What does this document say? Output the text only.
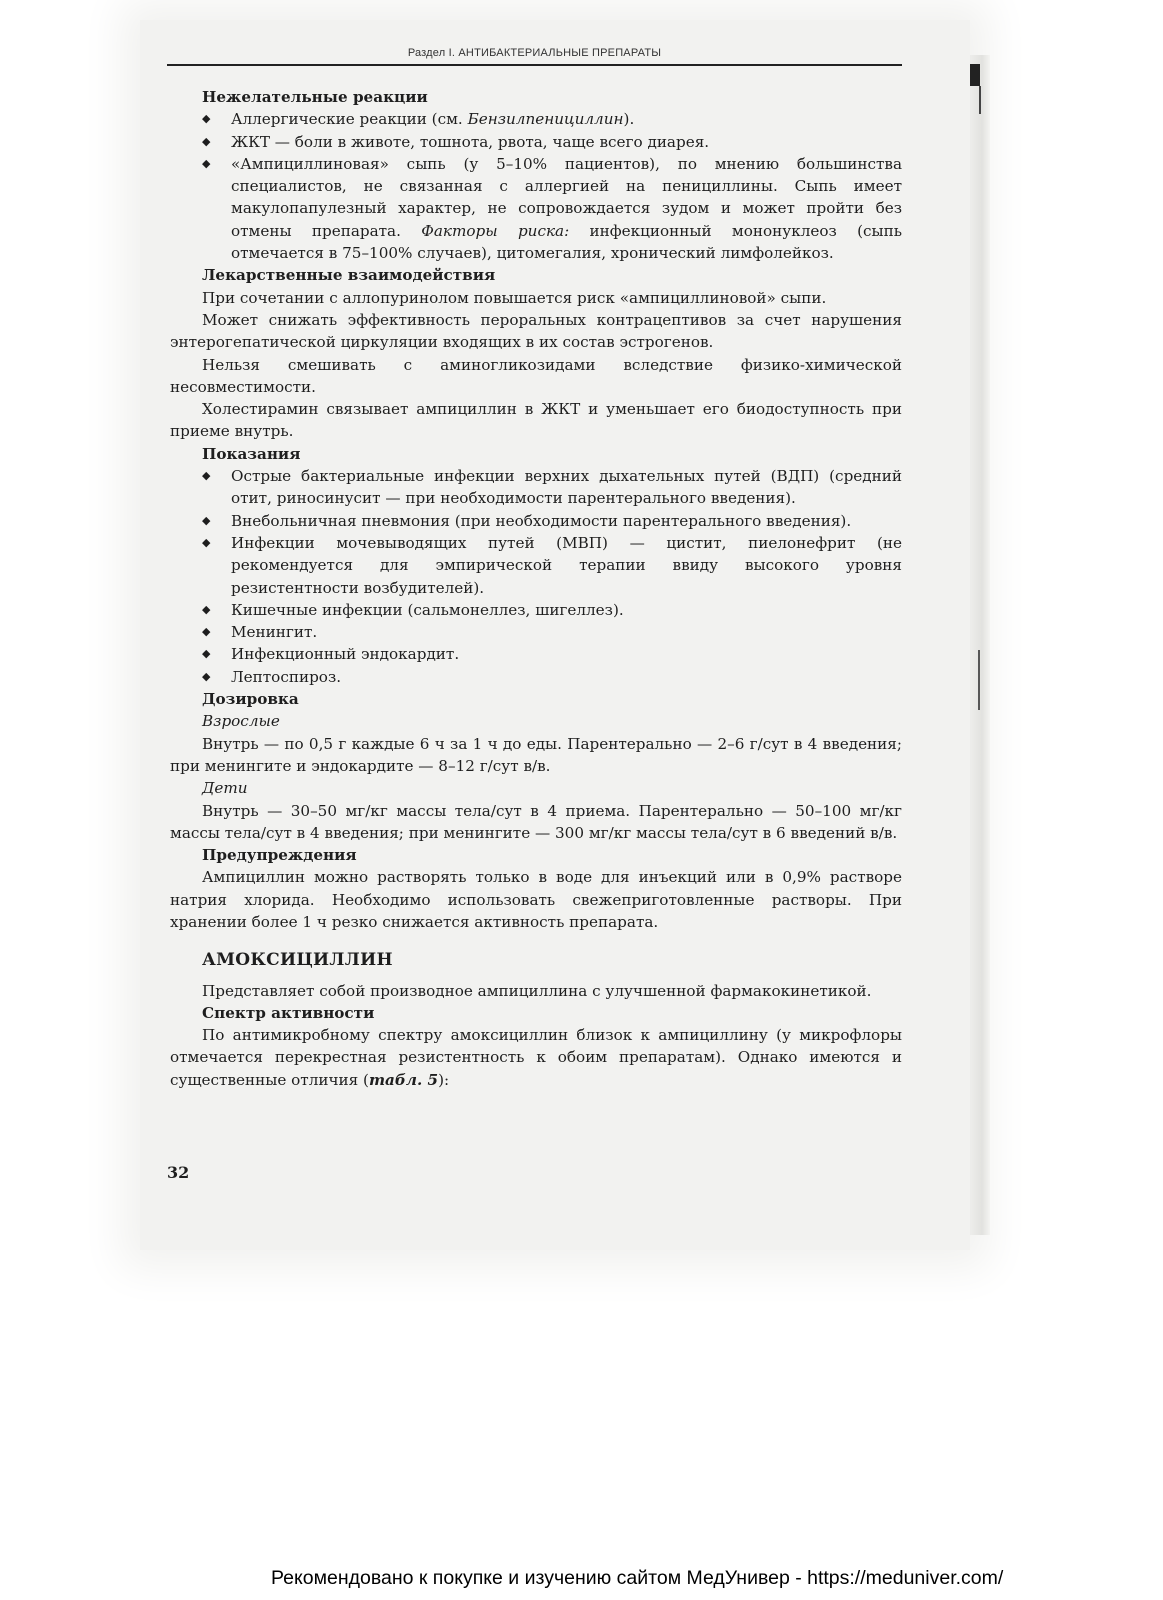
Раздел I. АНТИБАКТЕРИАЛЬНЫЕ ПРЕПАРАТЫ

Нежелательные реакции

◆ Аллергические реакции (см. Бензилпенициллин).
◆ ЖКТ — боли в животе, тошнота, рвота, чаще всего диарея.
◆ «Ампициллиновая» сыпь (у 5–10% пациентов), по мнению большинства специалистов, не связанная с аллергией на пенициллины. Сыпь имеет макулопапулезный характер, не сопровождается зудом и может пройти без отмены препарата. Факторы риска: инфекционный мононуклеоз (сыпь отмечается в 75–100% случаев), цитомегалия, хронический лимфолейкоз.

Лекарственные взаимодействия

При сочетании с аллопуринолом повышается риск «ампициллиновой» сыпи.

Может снижать эффективность пероральных контрацептивов за счет нарушения энтерогепатической циркуляции входящих в их состав эстрогенов.

Нельзя смешивать с аминогликозидами вследствие физико-химической несовместимости.

Холестирамин связывает ампициллин в ЖКТ и уменьшает его биодоступность при приеме внутрь.

Показания

◆ Острые бактериальные инфекции верхних дыхательных путей (ВДП) (средний отит, риносинусит — при необходимости парентерального введения).
◆ Внебольничная пневмония (при необходимости парентерального введения).
◆ Инфекции мочевыводящих путей (МВП) — цистит, пиелонефрит (не рекомендуется для эмпирической терапии ввиду высокого уровня резистентности возбудителей).
◆ Кишечные инфекции (сальмонеллез, шигеллез).
◆ Менингит.
◆ Инфекционный эндокардит.
◆ Лептоспироз.

Дозировка

Взрослые

Внутрь — по 0,5 г каждые 6 ч за 1 ч до еды. Парентерально — 2–6 г/сут в 4 введения; при менингите и эндокардите — 8–12 г/сут в/в.

Дети

Внутрь — 30–50 мг/кг массы тела/сут в 4 приема. Парентерально — 50–100 мг/кг массы тела/сут в 4 введения; при менингите — 300 мг/кг массы тела/сут в 6 введений в/в.

Предупреждения

Ампициллин можно растворять только в воде для инъекций или в 0,9% растворе натрия хлорида. Необходимо использовать свежеприготовленные растворы. При хранении более 1 ч резко снижается активность препарата.

АМОКСИЦИЛЛИН

Представляет собой производное ампициллина с улучшенной фармакокинетикой.

Спектр активности

По антимикробному спектру амоксициллин близок к ампициллину (у микрофлоры отмечается перекрестная резистентность к обоим препаратам). Однако имеются и существенные отличия (табл. 5):

32
Рекомендовано к покупке и изучению сайтом МедУнивер - https://meduniver.com/
